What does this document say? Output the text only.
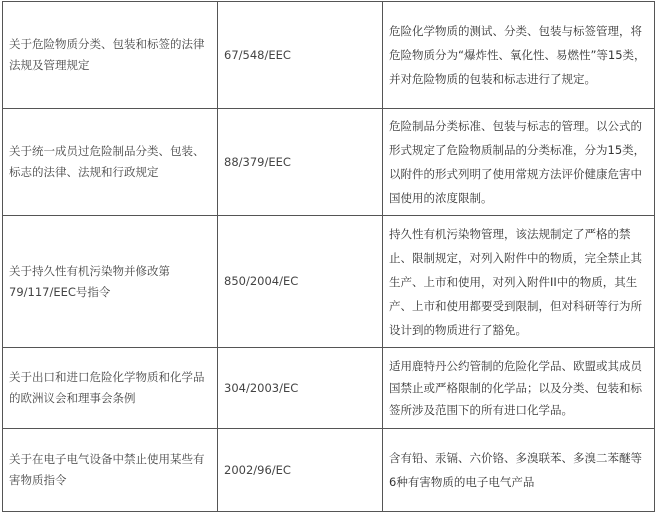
关于危险物质分类、包装和标签的法律法规及管理规定	67/548/EEC	危险化学物质的测试、分类、包装与标签管理，将危险物质分为“爆炸性、氧化性、易燃性”等15类，并对危险物质的包装和标志进行了规定。
关于统一成员过危险制品分类、包装、标志的法律、法规和行政规定	88/379/EEC	危险制品分类标准、包装与标志的管理。以公式的形式规定了危险物质制品的分类标准，分为15类，以附件的形式列明了使用常规方法评价健康危害中国使用的浓度限制。
关于持久性有机污染物并修改第79/117/EEC号指令	850/2004/EC	持久性有机污染物管理，该法规制定了严格的禁止、限制规定，对列入附件中的物质，完全禁止其生产、上市和使用，对列入附件II中的物质，其生产、上市和使用都要受到限制，但对科研等行为所设计到的物质进行了豁免。
关于出口和进口危险化学物质和化学品的欧洲议会和理事会条例	304/2003/EC	适用鹿特丹公约管制的危险化学品、欧盟或其成员国禁止或严格限制的化学品；以及分类、包装和标签所涉及范围下的所有进口化学品。
关于在电子电气设备中禁止使用某些有害物质指令	2002/96/EC	含有铅、汞镉、六价铬、多溴联苯、多溴二苯醚等6种有害物质的电子电气产品
